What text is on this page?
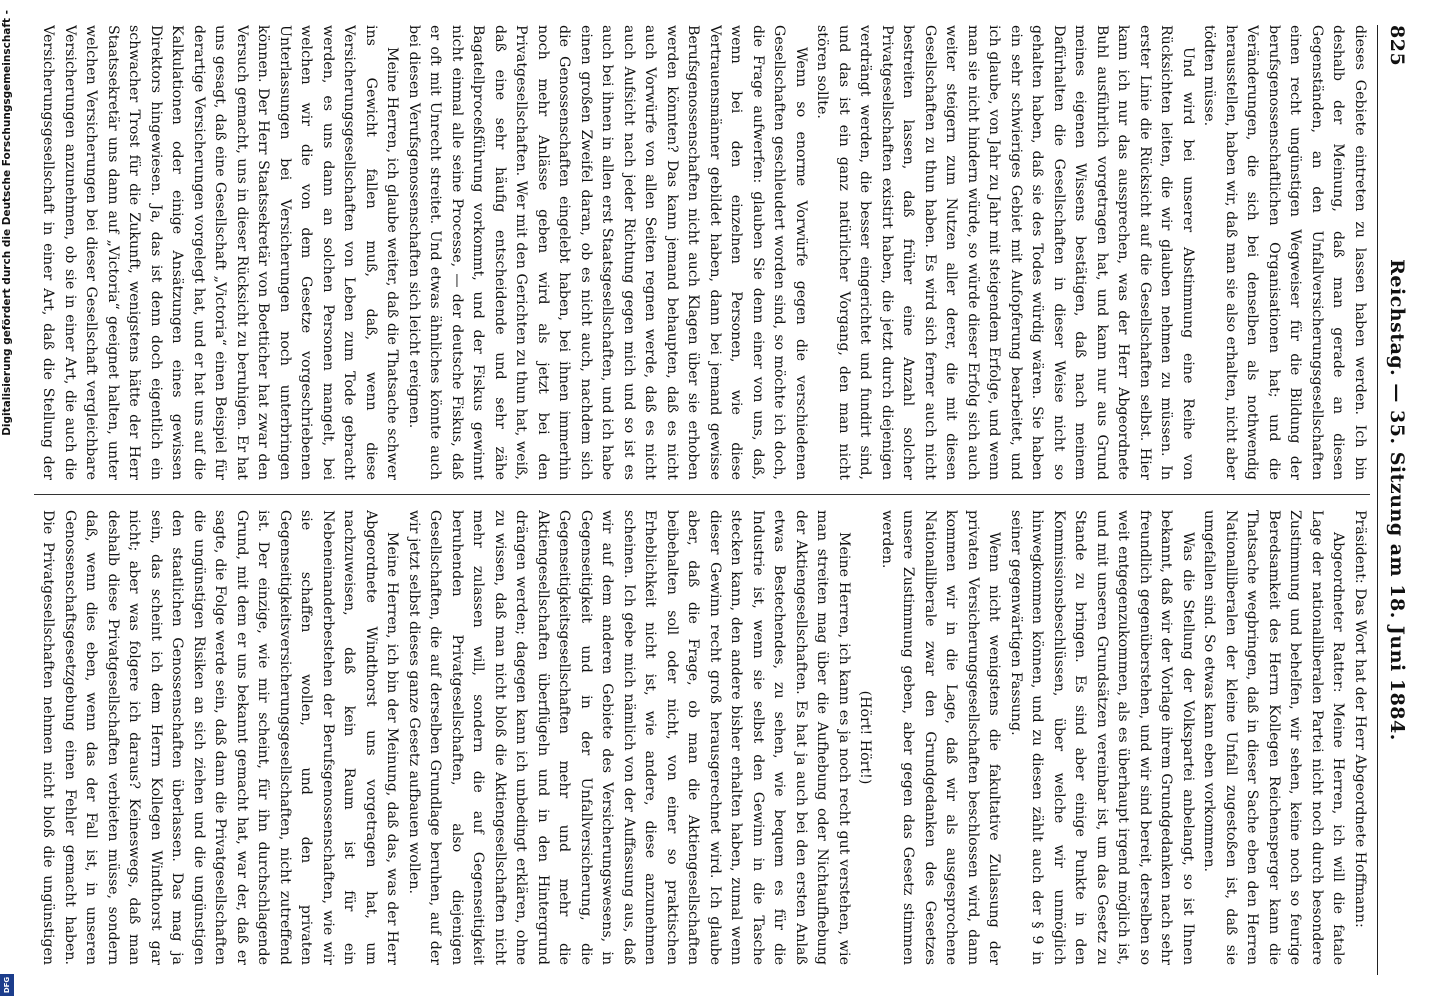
Digitalisierung gefördert durch die Deutsche Forschungsgemeinschaft -
DFG
825
Reichstag. — 35. Sitzung am 18. Juni 1884.

dieses Gebiete eintreten zu lassen haben werden. Ich bin deshalb der Meinung, daß man gerade an diesen Gegenständen, an den Unfallversicherungsgesellschaften einen recht ungünstigen Wegweiser für die Bildung der berufsgenossenschaftlichen Organisationen hat; und die Veränderungen, die sich bei denselben als nothwendig herausstellen, haben wir, daß man sie also erhalten, nicht aber tödten müsse.

Und wird bei unserer Abstimmung eine Reihe von Rücksichten leiten, die wir glauben nehmen zu müssen. In erster Linie die Rücksicht auf die Gesellschaften selbst. Hier kann ich nur das aussprechen, was der Herr Abgeordnete Buhl ausführlich vorgetragen hat, und kann nur aus Grund meines eigenen Wissens bestätigen, daß nach meinem Dafürhalten die Gesellschaften in dieser Weise nicht so gehalten haben, daß sie des Todes würdig wären. Sie haben ein sehr schwieriges Gebiet mit Aufopferung bearbeitet, und ich glaube, von Jahr zu Jahr mit steigendem Erfolge, und wenn man sie nicht hindern würde, so würde dieser Erfolg sich auch weiter steigern zum Nutzen aller derer, die mit diesen Gesellschaften zu thun haben. Es wird sich ferner auch nicht bestreiten lassen, daß früher eine Anzahl solcher Privatgesellschaften existirt haben, die jetzt durch diejenigen verdrängt werden, die besser eingerichtet und fundirt sind, und das ist ein ganz natürlicher Vorgang, den man nicht stören sollte.

Wenn so enorme Vorwürfe gegen die verschiedenen Gesellschaften geschleudert worden sind, so möchte ich doch, die Frage aufwerfen: glauben Sie denn einer von uns, daß, wenn bei den einzelnen Personen, wie diese Vertrauensmänner gebildet haben, dann bei jemand gewisse Berufsgenossenschaften nicht auch Klagen über sie erhoben werden könnten? Das kann jemand behaupten, daß es nicht auch Vorwürfe von allen Seiten regnen werde, daß es nicht auch Aufsicht nach jeder Richtung gegen mich und so ist es auch bei ihnen in allen erst Staatsgesellschaften, und ich habe einen großen Zweifel daran, ob es nicht auch, nachdem sich die Genossenschaften eingelebt haben, bei ihnen immerhin noch mehr Anlässe geben wird als jetzt bei den Privatgesellschaften. Wer mit den Gerichten zu thun hat, weiß, daß eine sehr häufig entscheidende und sehr zähe Bagatellproceßführung vorkommt, und der Fiskus gewinnt nicht einmal alle seine Processe, — der deutsche Fiskus, daß er oft mit Unrecht streitet. Und etwas ähnliches könnte auch bei diesen Verufsgenossenschaften sich leicht ereignen.

Meine Herren, ich glaube weiter, daß die Thatsache schwer ins Gewicht fallen muß, daß, wenn diese Versicherungsgesellschaften von Leben zum Tode gebracht werden, es uns dann an solchen Personen mangelt, bei welchen wir die von dem Gesetze vorgeschriebenen Unterlassungen bei Versicherungen noch unterbringen können. Der Herr Staatssekretär von Boetticher hat zwar den Versuch gemacht, uns in dieser Rücksicht zu beruhigen. Er hat uns gesagt, daß eine Gesellschaft „Victoria“ einen Beispiel für derartige Versicherungen vorgelegt hat, und er hat uns auf die Kalkulationen oder einige Ansätzungen eines gewissen Direktors hingewiesen. Ja, das ist denn doch eigentlich ein schwacher Trost für die Zukunft, wenigstens hätte der Herr Staatssekretär uns dann auf „Victoria“ geeignet halten, unter welchen Versicherungen bei dieser Gesellschaft vergleichbare Versicherungen anzunehmen, ob sie in einer Art, die auch die Versicherungsgesellschaft in einer Art, daß die Stellung der

Präsident: Das Wort hat der Herr Abgeordnete Hoffmann:

Abgeordneter Ratter: Meine Herren, ich will die fatale Lage der nationalliberalen Partei nicht noch durch besondere Zustimmung und behelfen, wir sehen, keine noch so feurige Beredsamkeit des Herrn Kollegen Reichensperger kann die Thatsache wegbringen, daß in dieser Sache eben den Herren Nationalliberalen der kleine Unfall zugestoßen ist, daß sie umgefallen sind. So etwas kann eben vorkommen.

Was die Stellung der Volkspartei anbelangt, so ist Ihnen bekannt, daß wir der Vorlage ihrem Grundgedanken nach sehr freundlich gegenüberstehen, und wir sind bereit, derselben so weit entgegenzukommen, als es überhaupt irgend möglich ist, und mit unseren Grundsätzen vereinbar ist, um das Gesetz zu Stande zu bringen. Es sind aber einige Punkte in den Kommissionsbeschlüssen, über welche wir unmöglich hinwegkommen können, und zu diesen zählt auch der § 9 in seiner gegenwärtigen Fassung.

Wenn nicht wenigstens die fakultative Zulassung der privaten Versicherungsgesellschaften beschlossen wird, dann kommen wir in die Lage, daß wir als ausgesprochene Nationalliberale zwar den Grundgedanken des Gesetzes unsere Zustimmung geben, aber gegen das Gesetz stimmen werden.

(Hört! Hört!)

Meine Herren, ich kann es ja noch recht gut verstehen, wie man streiten mag über die Aufhebung oder Nichtaufhebung der Aktiengesellschaften. Es hat ja auch bei den ersten Anlaß etwas Bestechendes, zu sehen, wie bequem es für die Industrie ist, wenn sie selbst den Gewinn in die Tasche stecken kann, den andere bisher erhalten haben, zumal wenn dieser Gewinn recht groß herausgerechnet wird. Ich glaube aber, daß die Frage, ob man die Aktiengesellschaften beibehalten soll oder nicht, von einer so praktischen Erheblichkeit nicht ist, wie andere, diese anzunehmen scheinen. Ich gebe mich nämlich von der Auffassung aus, daß wir auf dem anderen Gebiete des Versicherungswesens, in Gegenseitigkeit und in der Unfallversicherung, die Gegenseitigkeitsgesellschaften mehr und mehr die Aktiengesellschaften überflügeln und in den Hintergrund drängen werden; dagegen kann ich unbedingt erklären, ohne zu wissen, daß man nicht bloß die Aktiengesellschaften nicht mehr zulassen will, sondern die auf Gegenseitigkeit beruhenden Privatgesellschaften, also diejenigen Gesellschaften, die auf derselben Grundlage beruhen, auf der wir jetzt selbst dieses ganze Gesetz aufbauen wollen.

Meine Herren, ich bin der Meinung, daß das, was der Herr Abgeordnete Windthorst uns vorgetragen hat, um nachzuweisen, daß kein Raum ist für ein Nebeneinanderbestehen der Berufsgenossenschaften, wie wir sie schaffen wollen, und den privaten Gegenseitigkeitsversicherungsgesellschaften, nicht zutreffend ist. Der einzige, wie mir scheint, für ihn durchschlagende Grund, mit dem er uns bekannt gemacht hat, war der, daß er sagte, die Folge werde sein, daß dann die Privatgesellschaften die ungünstigen Risiken an sich ziehen und die ungünstigen den staatlichen Genossenschaften überlassen. Das mag ja sein, das scheint ich dem Herrn Kollegen Windthorst gar nicht; aber was folgere ich daraus? Keineswegs, daß man deshalb diese Privatgesellschaften verbieten müsse, sondern daß, wenn dies eben, wenn das der Fall ist, in unseren Genossenschaftsgesetzgebung einen Fehler gemacht haben. Die Privatgesellschaften nehmen nicht bloß die ungünstigen
